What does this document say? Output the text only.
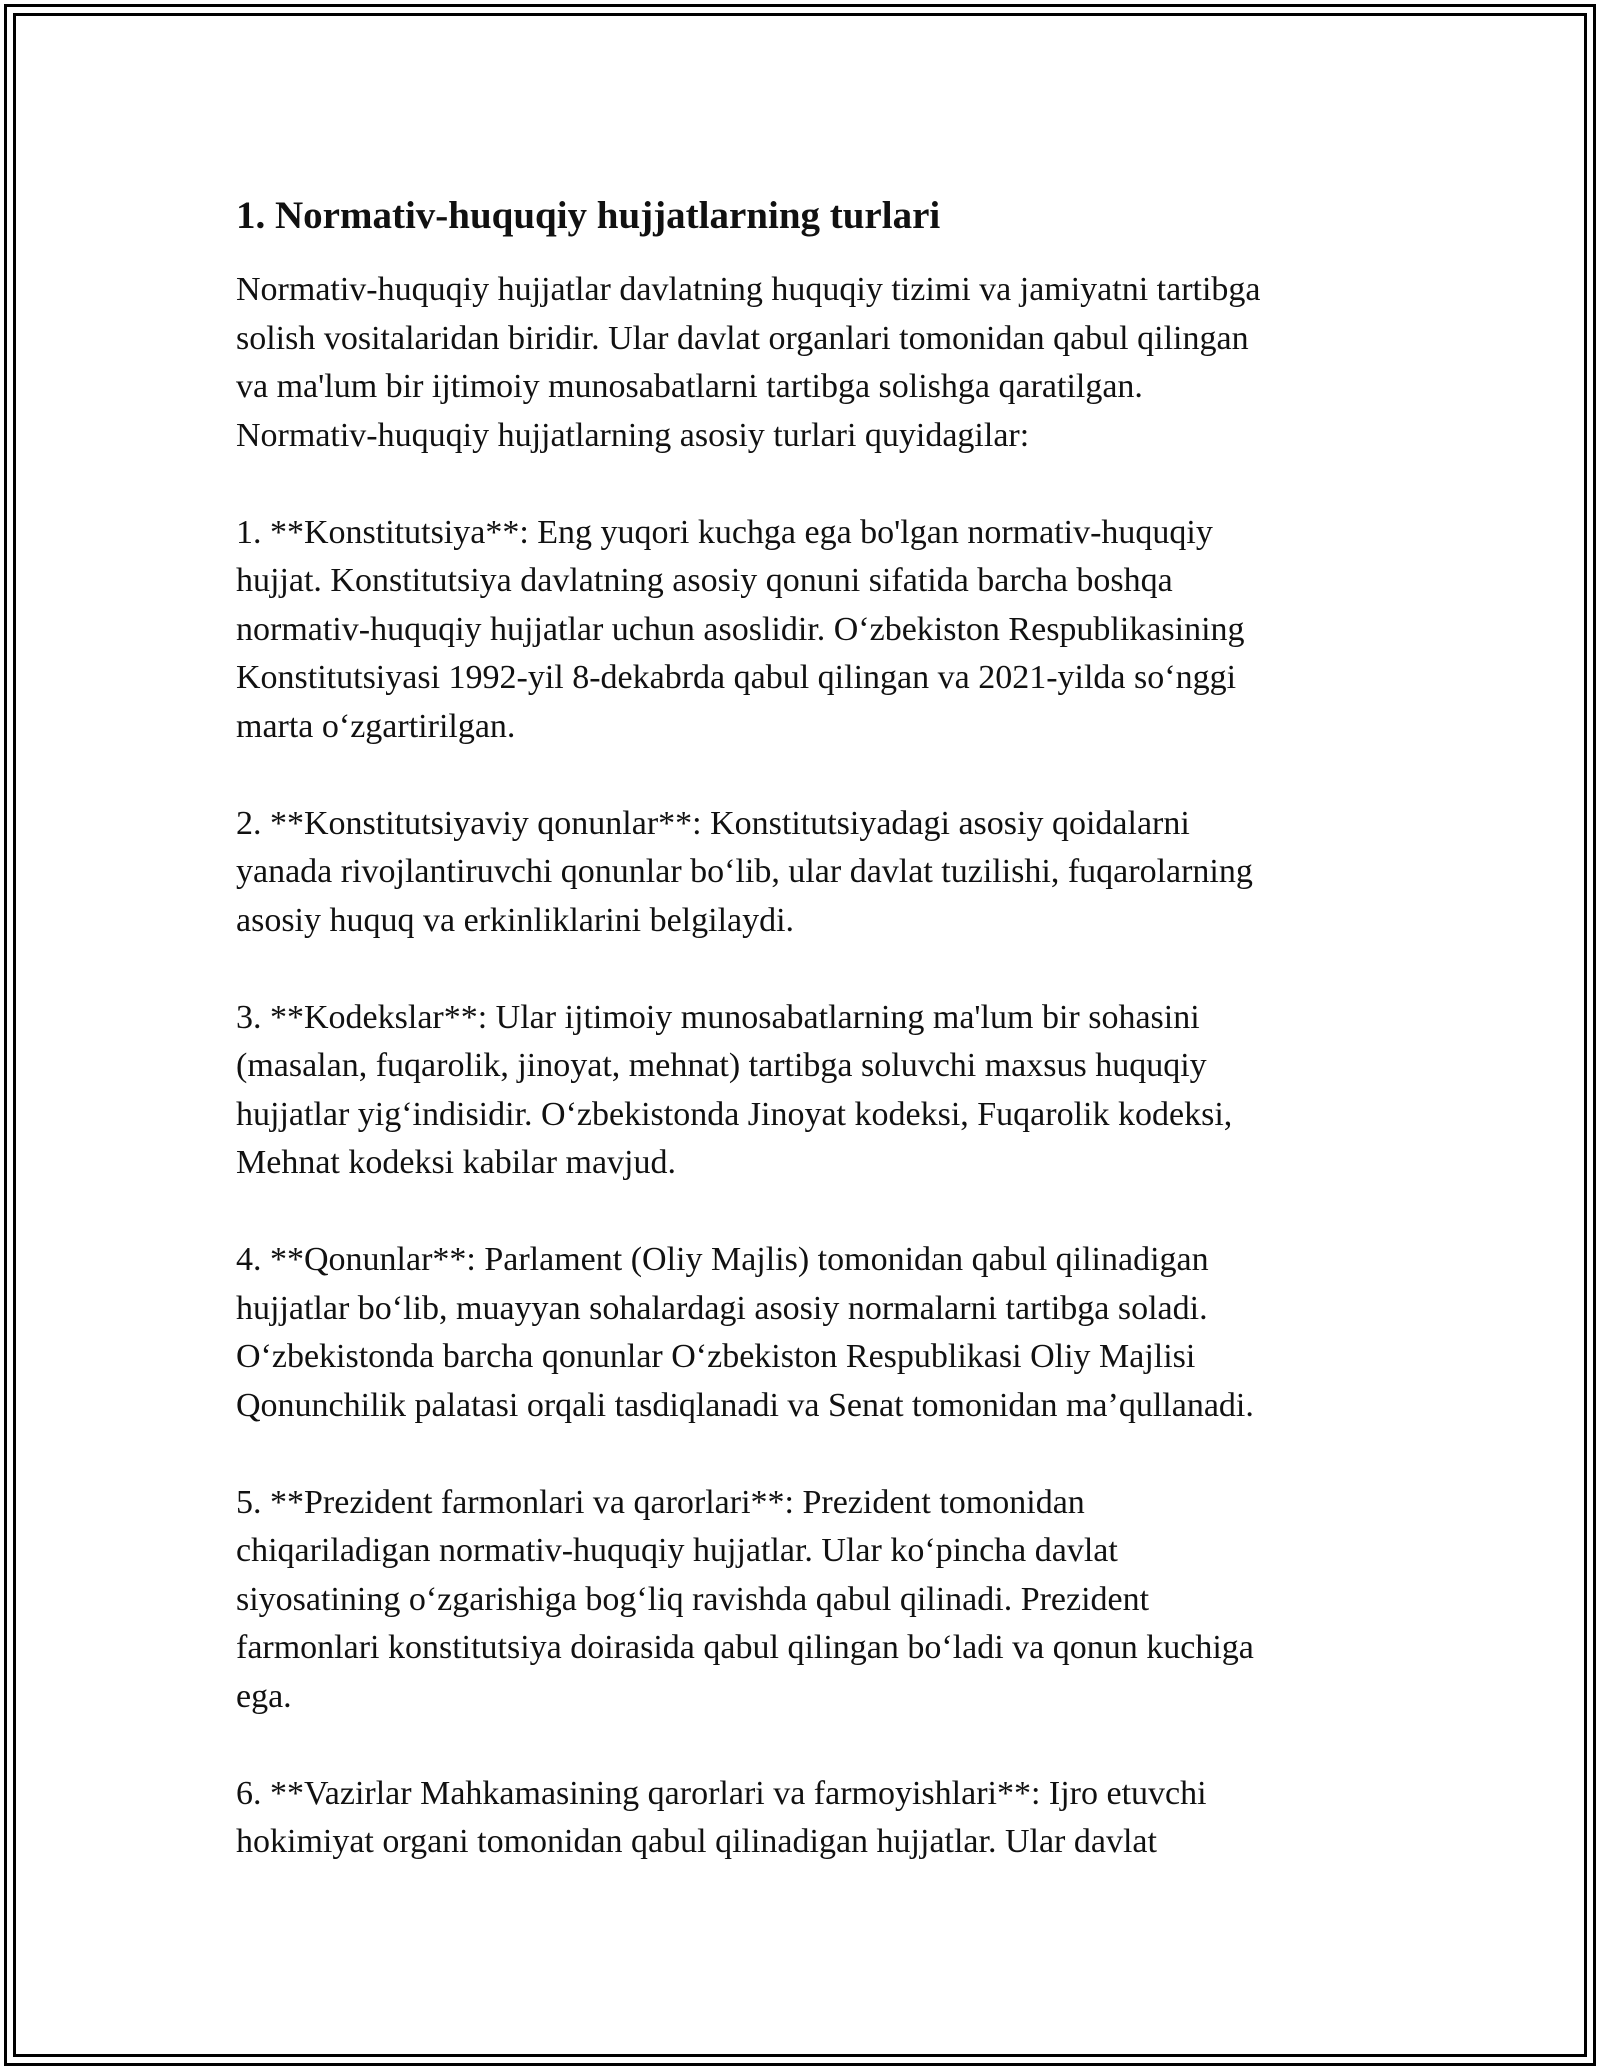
1. Normativ-huquqiy hujjatlarning turlari

Normativ-huquqiy hujjatlar davlatning huquqiy tizimi va jamiyatni tartibga
solish vositalaridan biridir. Ular davlat organlari tomonidan qabul qilingan
va ma'lum bir ijtimoiy munosabatlarni tartibga solishga qaratilgan.
Normativ-huquqiy hujjatlarning asosiy turlari quyidagilar:

1. **Konstitutsiya**: Eng yuqori kuchga ega bo'lgan normativ-huquqiy
hujjat. Konstitutsiya davlatning asosiy qonuni sifatida barcha boshqa
normativ-huquqiy hujjatlar uchun asoslidir. O‘zbekiston Respublikasining
Konstitutsiyasi 1992-yil 8-dekabrda qabul qilingan va 2021-yilda so‘nggi
marta o‘zgartirilgan.

2. **Konstitutsiyaviy qonunlar**: Konstitutsiyadagi asosiy qoidalarni
yanada rivojlantiruvchi qonunlar bo‘lib, ular davlat tuzilishi, fuqarolarning
asosiy huquq va erkinliklarini belgilaydi.

3. **Kodekslar**: Ular ijtimoiy munosabatlarning ma'lum bir sohasini
(masalan, fuqarolik, jinoyat, mehnat) tartibga soluvchi maxsus huquqiy
hujjatlar yig‘indisidir. O‘zbekistonda Jinoyat kodeksi, Fuqarolik kodeksi,
Mehnat kodeksi kabilar mavjud.

4. **Qonunlar**: Parlament (Oliy Majlis) tomonidan qabul qilinadigan
hujjatlar bo‘lib, muayyan sohalardagi asosiy normalarni tartibga soladi.
O‘zbekistonda barcha qonunlar O‘zbekiston Respublikasi Oliy Majlisi
Qonunchilik palatasi orqali tasdiqlanadi va Senat tomonidan ma’qullanadi.

5. **Prezident farmonlari va qarorlari**: Prezident tomonidan
chiqariladigan normativ-huquqiy hujjatlar. Ular ko‘pincha davlat
siyosatining o‘zgarishiga bog‘liq ravishda qabul qilinadi. Prezident
farmonlari konstitutsiya doirasida qabul qilingan bo‘ladi va qonun kuchiga
ega.

6. **Vazirlar Mahkamasining qarorlari va farmoyishlari**: Ijro etuvchi
hokimiyat organi tomonidan qabul qilinadigan hujjatlar. Ular davlat
